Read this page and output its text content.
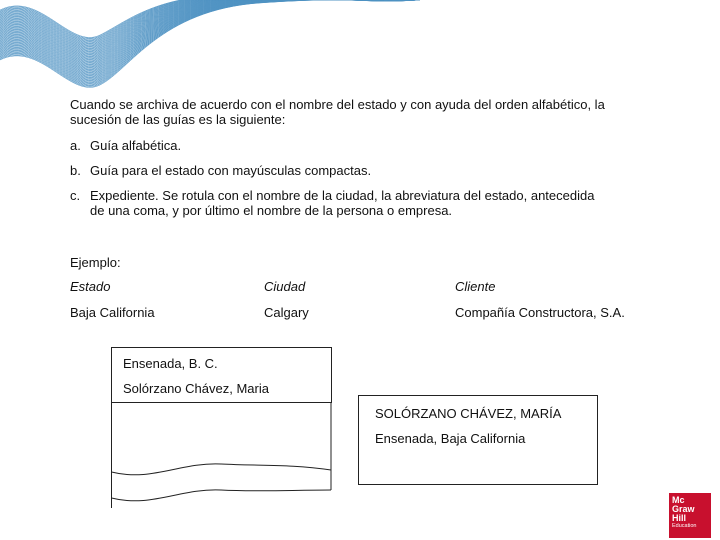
Cuando se archiva de acuerdo con el nombre del estado y con ayuda del orden alfabético, la sucesión de las guías es la siguiente:
a. Guía alfabética.
b. Guía para el estado con mayúsculas compactas.
c. Expediente. Se rotula con el nombre de la ciudad, la abreviatura del estado, antecedida
de una coma, y por último el nombre de la persona o empresa.
Ejemplo:
Estado	Ciudad	Cliente
Baja California	Calgary	Compañía Constructora, S.A.
Ensenada, B. C.
Solórzano Chávez, Maria
SOLÓRZANO CHÁVEZ, MARÍA
Ensenada, Baja California
Mc
Graw
Hill
Education
